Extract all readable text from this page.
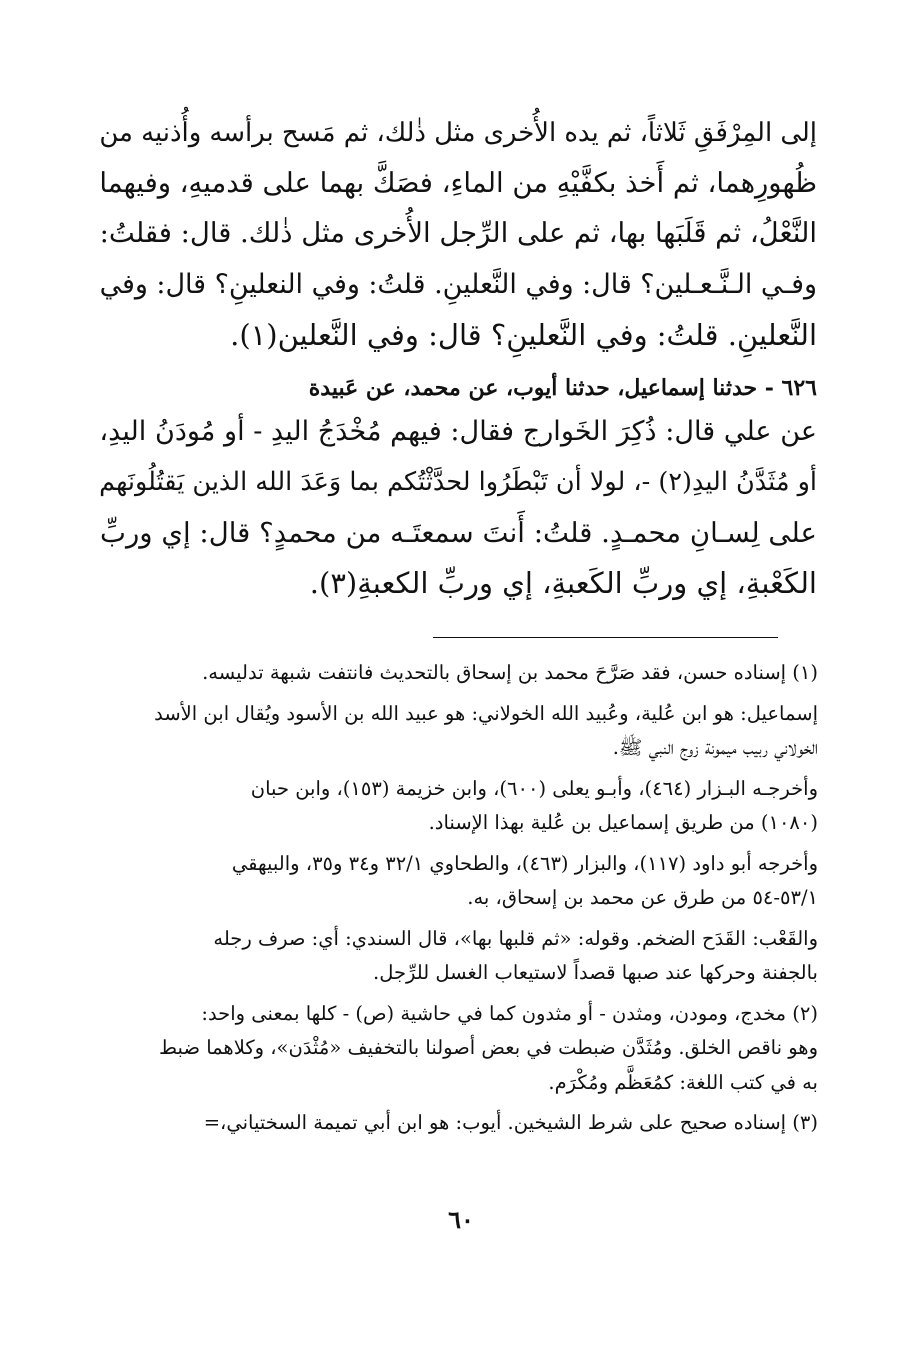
إلى المِرْفَقِ ثَلاثاً، ثم يده الأُخرى مثل ذٰلك، ثم مَسح برأسه وأُذنيه من
ظُهورِهما، ثم أَخذ بكفَّيْهِ من الماءِ، فصَكَّ بهما على قدميهِ، وفيهما
النَّعْلُ، ثم قَلَبَها بها، ثم على الرِّجل الأُخرى مثل ذٰلك. قال: فقلتُ:
وفـي الـنَّـعـلين؟ قال: وفي النَّعلينِ. قلتُ: وفي النعلينِ؟ قال: وفي
النَّعلينِ. قلتُ: وفي النَّعلينِ؟ قال: وفي النَّعلين(١).
٦٢٦ - حدثنا إسماعيل، حدثنا أيوب، عن محمد، عن عَبيدة
عن علي قال: ذُكِرَ الخَوارج فقال: فيهم مُخْدَجُ اليدِ - أو مُودَنُ اليدِ،
أو مُثَدَّنُ اليدِ(٢) -، لولا أن تَبْطَرُوا لحدَّثْتُكم بما وَعَدَ الله الذين يَقتُلُونَهم
على لِسـانِ محمـدٍ. قلتُ: أَنتَ سمعتَـه من محمدٍ؟ قال: إي وربِّ
الكَعْبةِ، إي وربِّ الكَعبةِ، إي وربِّ الكعبةِ(٣).
(١) إسناده حسن، فقد صَرَّحَ محمد بن إسحاق بالتحديث فانتفت شبهة تدليسه.
إسماعيل: هو ابن عُلية، وعُبيد الله الخولاني: هو عبيد الله بن الأسود ويُقال ابن الأسد
الخولاني ربيب ميمونة زوج النبي ﷺ.
وأخرجـه البـزار (٤٦٤)، وأبـو يعلى (٦٠٠)، وابن خزيمة (١٥٣)، وابن حبان
(١٠٨٠) من طريق إسماعيل بن عُلية بهذا الإسناد.
وأخرجه أبو داود (١١٧)، والبزار (٤٦٣)، والطحاوي ٣٢/١ و٣٤ و٣٥، والبيهقي
٥٣/١-٥٤ من طرق عن محمد بن إسحاق، به.
والقَعْب: القَدَح الضخم. وقوله: «ثم قلبها بها»، قال السندي: أي: صرف رجله
بالجفنة وحركها عند صبها قصداً لاستيعاب الغسل للرِّجل.
(٢) مخدج، ومودن، ومثدن - أو مثدون كما في حاشية (ص) - كلها بمعنى واحد:
وهو ناقص الخلق. ومُثَدَّن ضبطت في بعض أصولنا بالتخفيف «مُثْدَن»، وكلاهما ضبط
به في كتب اللغة: كمُعَظَّم ومُكْرَم.
(٣) إسناده صحيح على شرط الشيخين. أيوب: هو ابن أبي تميمة السختياني،=
٦٠
